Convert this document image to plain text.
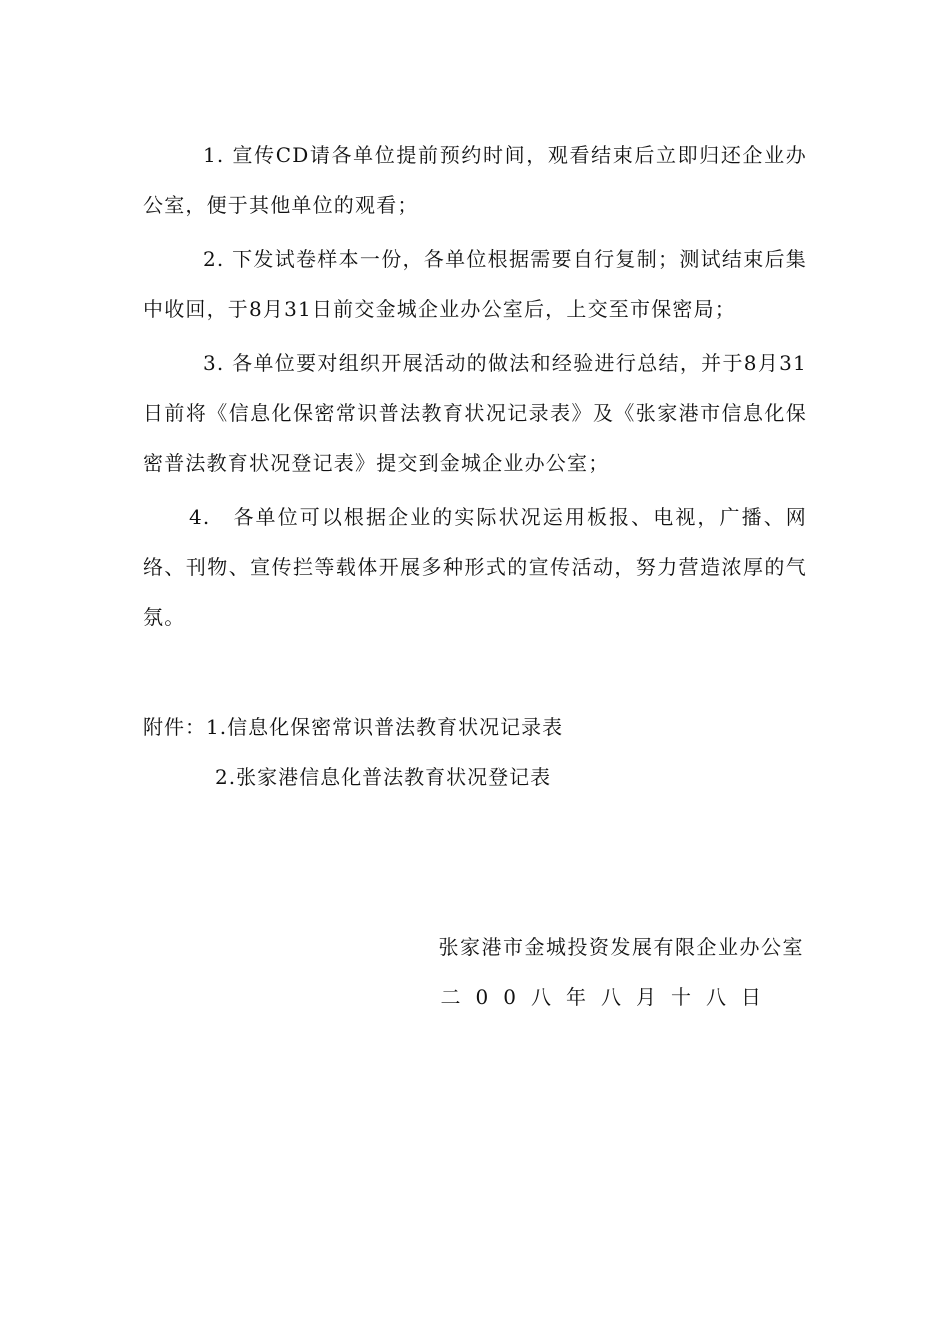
1. 宣传CD请各单位提前预约时间，观看结束后立即归还企业办公室，便于其他单位的观看；

2. 下发试卷样本一份，各单位根据需要自行复制；测试结束后集中收回，于8月31日前交金城企业办公室后，上交至市保密局；

3. 各单位要对组织开展活动的做法和经验进行总结，并于8月31日前将《信息化保密常识普法教育状况记录表》及《张家港市信息化保密普法教育状况登记表》提交到金城企业办公室；

4.　各单位可以根据企业的实际状况运用板报、电视，广播、网络、刊物、宣传拦等载体开展多种形式的宣传活动，努力营造浓厚的气氛。

附件：1.信息化保密常识普法教育状况记录表
2.张家港信息化普法教育状况登记表
张家港市金城投资发展有限企业办公室
二00八年八月十八日
